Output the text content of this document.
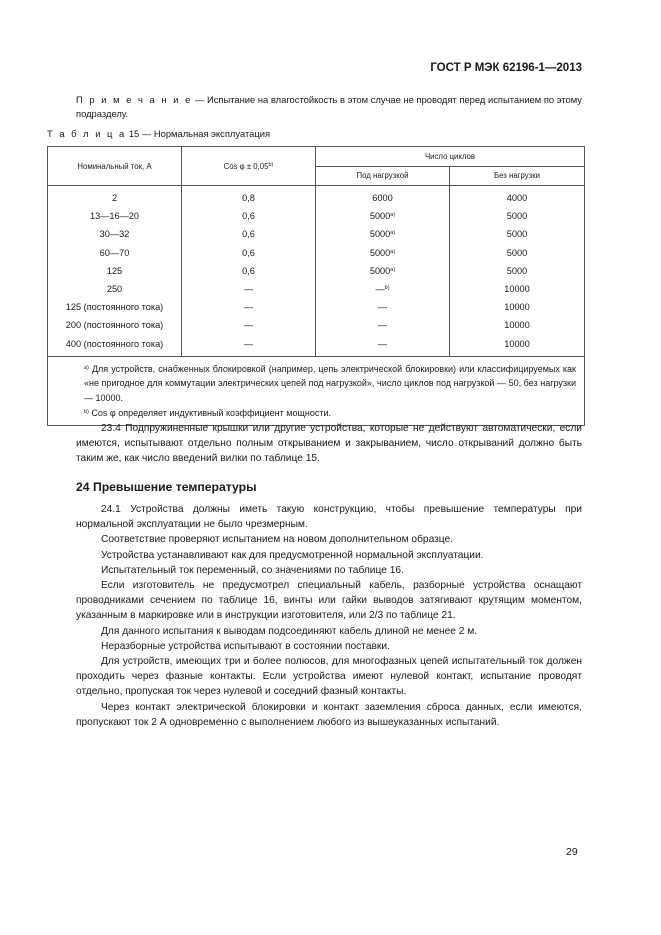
ГОСТ Р МЭК 62196-1—2013
П р и м е ч а н и е — Испытание на влагостойкость в этом случае не проводят перед испытанием по этому подразделу.
Т а б л и ц а 15 — Нормальная эксплуатация
Номинальный ток, А	Cos $\varphi \pm 0,05^{b)}$	Число циклов	
		Под нагрузкой	Без нагрузки
2	0,8	6000	4000
13—16—20	0,6	5000$^{a)}$	5000
30—32	0,6	5000$^{a)}$	5000
60—70	0,6	5000$^{a)}$	5000
125	0,6	5000$^{a)}$	5000
250	—	—$^{b)}$	10000
125 (постоянного тока)	—	—	10000
200 (постоянного тока)	—	—	10000
400 (постоянного тока)	—	—	10000

$^{a)}$ Для устройств, снабженных блокировкой (например, цепь электрической блокировки) или классифицируемых как «не пригодное для коммутации электрических цепей под нагрузкой», число циклов под нагрузкой — 50, без нагрузки — 10000.
$^{b)}$ Cos φ определяет индуктивный коэффициент мощности.			

23.4 Подпружиненные крышки или другие устройства, которые не действуют автоматически, если имеются, испытывают отдельно полным открыванием и закрыванием, число открываний должно быть таким же, как число введений вилки по таблице 15.

24 Превышение температуры

24.1 Устройства должны иметь такую конструкцию, чтобы превышение температуры при нормальной эксплуатации не было чрезмерным.

Соответствие проверяют испытанием на новом дополнительном образце.

Устройства устанавливают как для предусмотренной нормальной эксплуатации.

Испытательный ток переменный, со значениями по таблице 16.

Если изготовитель не предусмотрел специальный кабель, разборные устройства оснащают проводниками сечением по таблице 16, винты или гайки выводов затягивают крутящим моментом, указанным в маркировке или в инструкции изготовителя, или 2/3 по таблице 21.

Для данного испытания к выводам подсоединяют кабель длиной не менее 2 м.

Неразборные устройства испытывают в состоянии поставки.

Для устройств, имеющих три и более полюсов, для многофазных цепей испытательный ток должен проходить через фазные контакты. Если устройства имеют нулевой контакт, испытание проводят отдельно, пропуская ток через нулевой и соседний фазный контакты.

Через контакт электрической блокировки и контакт заземления сброса данных, если имеются, пропускают ток 2 А одновременно с выполнением любого из вышеуказанных испытаний.

29
